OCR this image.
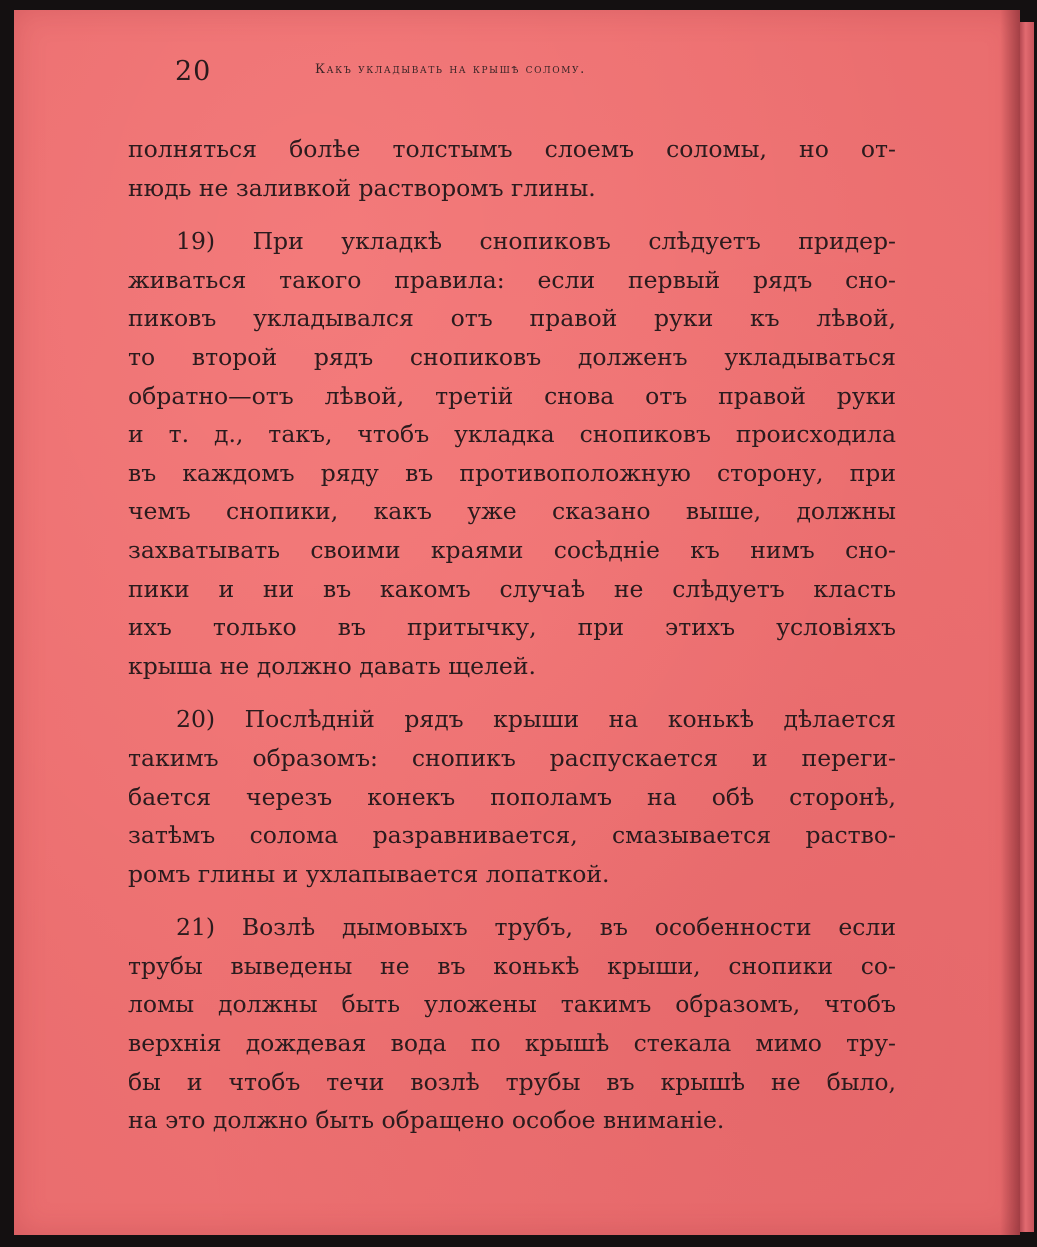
20	Какъ укладывать на крышѣ солому.

полняться болѣе толстымъ слоемъ соломы, но от-
нюдь не заливкой растворомъ глины.

19) При укладкѣ снопиковъ слѣдуетъ придер-
живаться такого правила: если первый рядъ сно-
пиковъ укладывался отъ правой руки къ лѣвой,
то второй рядъ снопиковъ долженъ укладываться
обратно—отъ лѣвой, третій снова отъ правой руки
и т. д., такъ, чтобъ укладка снопиковъ происходила
въ каждомъ ряду въ противоположную сторону, при
чемъ снопики, какъ уже сказано выше, должны
захватывать своими краями сосѣдніе къ нимъ сно-
пики и ни въ какомъ случаѣ не слѣдуетъ класть
ихъ только въ притычку, при этихъ условіяхъ
крыша не должно давать щелей.

20) Послѣдній рядъ крыши на конькѣ дѣлается
такимъ образомъ: снопикъ распускается и переги-
бается черезъ конекъ пополамъ на обѣ сторонѣ,
затѣмъ солома разравнивается, смазывается раство-
ромъ глины и ухлапывается лопаткой.

21) Возлѣ дымовыхъ трубъ, въ особенности если
трубы выведены не въ конькѣ крыши, снопики со-
ломы должны быть уложены такимъ образомъ, чтобъ
верхнія дождевая вода по крышѣ стекала мимо тру-
бы и чтобъ течи возлѣ трубы въ крышѣ не было,
на это должно быть обращено особое вниманіе.
